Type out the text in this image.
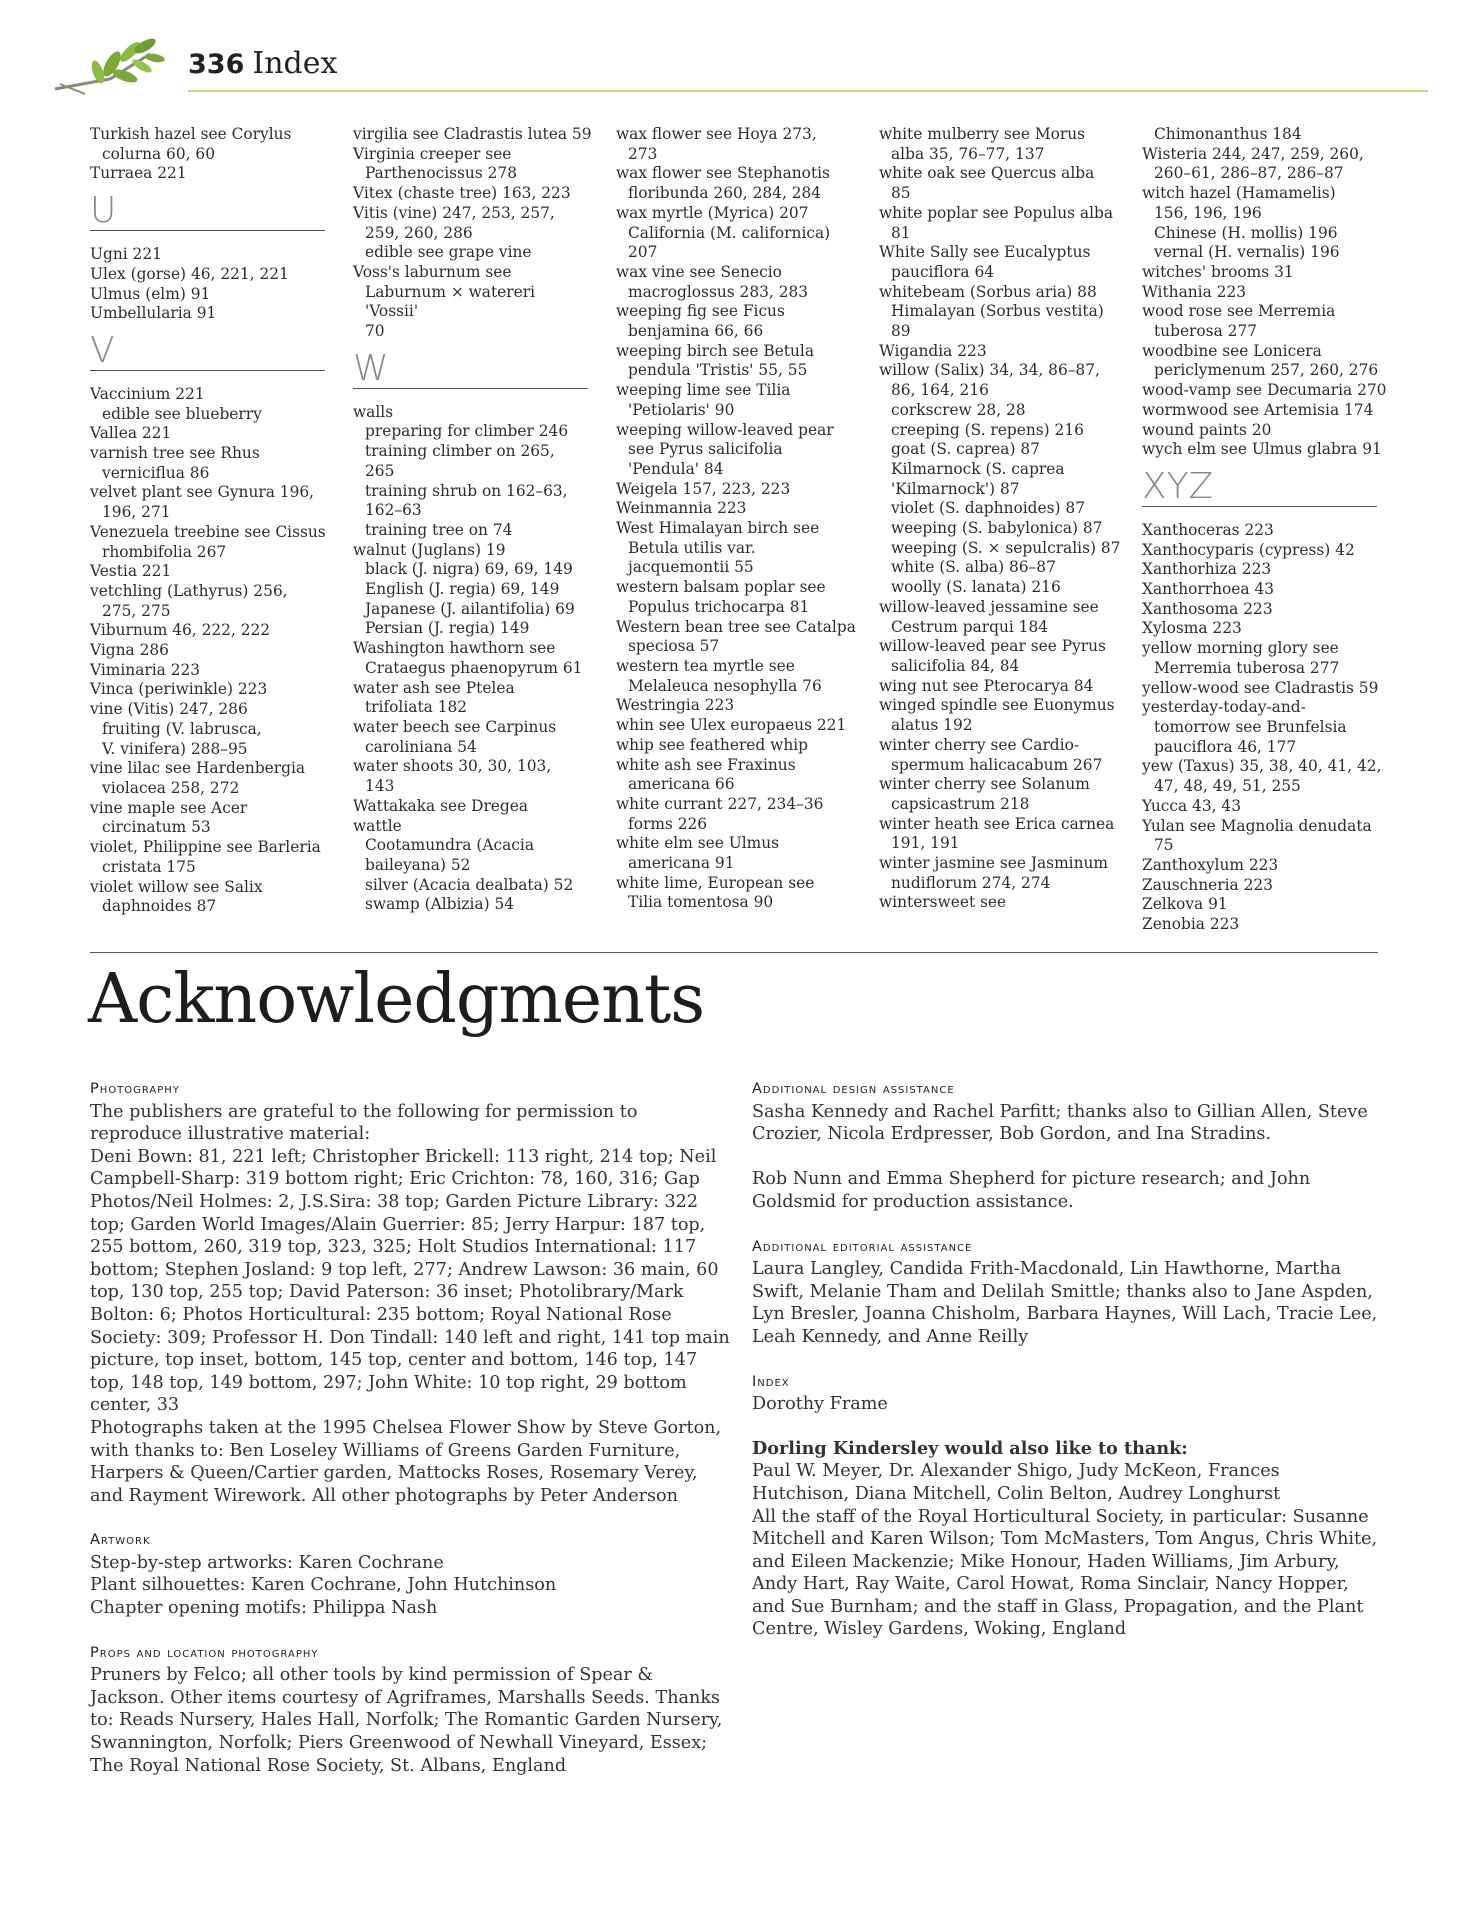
336 Index
Turkish hazel see Corylus
colurna 60, 60
Turraea 221
U
Ugni 221
Ulex (gorse) 46, 221, 221
Ulmus (elm) 91
Umbellularia 91
V
Vaccinium 221
edible see blueberry
Vallea 221
varnish tree see Rhus
verniciflua 86
velvet plant see Gynura 196,
196, 271
Venezuela treebine see Cissus
rhombifolia 267
Vestia 221
vetchling (Lathyrus) 256,
275, 275
Viburnum 46, 222, 222
Vigna 286
Viminaria 223
Vinca (periwinkle) 223
vine (Vitis) 247, 286
fruiting (V. labrusca,
V. vinifera) 288–95
vine lilac see Hardenbergia
violacea 258, 272
vine maple see Acer
circinatum 53
violet, Philippine see Barleria
cristata 175
violet willow see Salix
daphnoides 87
virgilia see Cladrastis lutea 59
Virginia creeper see
Parthenocissus 278
Vitex (chaste tree) 163, 223
Vitis (vine) 247, 253, 257,
259, 260, 286
edible see grape vine
Voss's laburnum see
Laburnum × watereri
'Vossii'
70
W
walls
preparing for climber 246
training climber on 265,
265
training shrub on 162–63,
162–63
training tree on 74
walnut (Juglans) 19
black (J. nigra) 69, 69, 149
English (J. regia) 69, 149
Japanese (J. ailantifolia) 69
Persian (J. regia) 149
Washington hawthorn see
Crataegus phaenopyrum 61
water ash see Ptelea
trifoliata 182
water beech see Carpinus
caroliniana 54
water shoots 30, 30, 103,
143
Wattakaka see Dregea
wattle
Cootamundra (Acacia
baileyana) 52
silver (Acacia dealbata) 52
swamp (Albizia) 54
wax flower see Hoya 273,
273
wax flower see Stephanotis
floribunda 260, 284, 284
wax myrtle (Myrica) 207
California (M. californica)
207
wax vine see Senecio
macroglossus 283, 283
weeping fig see Ficus
benjamina 66, 66
weeping birch see Betula
pendula 'Tristis' 55, 55
weeping lime see Tilia
'Petiolaris' 90
weeping willow-leaved pear
see Pyrus salicifolia
'Pendula' 84
Weigela 157, 223, 223
Weinmannia 223
West Himalayan birch see
Betula utilis var.
jacquemontii 55
western balsam poplar see
Populus trichocarpa 81
Western bean tree see Catalpa
speciosa 57
western tea myrtle see
Melaleuca nesophylla 76
Westringia 223
whin see Ulex europaeus 221
whip see feathered whip
white ash see Fraxinus
americana 66
white currant 227, 234–36
forms 226
white elm see Ulmus
americana 91
white lime, European see
Tilia tomentosa 90
white mulberry see Morus
alba 35, 76–77, 137
white oak see Quercus alba
85
white poplar see Populus alba
81
White Sally see Eucalyptus
pauciflora 64
whitebeam (Sorbus aria) 88
Himalayan (Sorbus vestita)
89
Wigandia 223
willow (Salix) 34, 34, 86–87,
86, 164, 216
corkscrew 28, 28
creeping (S. repens) 216
goat (S. caprea) 87
Kilmarnock (S. caprea
'Kilmarnock') 87
violet (S. daphnoides) 87
weeping (S. babylonica) 87
weeping (S. × sepulcralis) 87
white (S. alba) 86–87
woolly (S. lanata) 216
willow-leaved jessamine see
Cestrum parqui 184
willow-leaved pear see Pyrus
salicifolia 84, 84
wing nut see Pterocarya 84
winged spindle see Euonymus
alatus 192
winter cherry see Cardio-
spermum halicacabum 267
winter cherry see Solanum
capsicastrum 218
winter heath see Erica carnea
191, 191
winter jasmine see Jasminum
nudiflorum 274, 274
wintersweet see
Chimonanthus 184
Wisteria 244, 247, 259, 260,
260–61, 286–87, 286–87
witch hazel (Hamamelis)
156, 196, 196
Chinese (H. mollis) 196
vernal (H. vernalis) 196
witches' brooms 31
Withania 223
wood rose see Merremia
tuberosa 277
woodbine see Lonicera
periclymenum 257, 260, 276
wood-vamp see Decumaria 270
wormwood see Artemisia 174
wound paints 20
wych elm see Ulmus glabra 91
XYZ
Xanthoceras 223
Xanthocyparis (cypress) 42
Xanthorhiza 223
Xanthorrhoea 43
Xanthosoma 223
Xylosma 223
yellow morning glory see
Merremia tuberosa 277
yellow-wood see Cladrastis 59
yesterday-today-and-
tomorrow see Brunfelsia
pauciflora 46, 177
yew (Taxus) 35, 38, 40, 41, 42,
47, 48, 49, 51, 255
Yucca 43, 43
Yulan see Magnolia denudata 75
Zanthoxylum 223
Zauschneria 223
Zelkova 91
Zenobia 223
Acknowledgments

Photography

The publishers are grateful to the following for permission to reproduce illustrative material:
Deni Bown: 81, 221 left; Christopher Brickell: 113 right, 214 top; Neil Campbell-Sharp: 319 bottom right; Eric Crichton: 78, 160, 316; Gap Photos/Neil Holmes: 2, J.S.Sira: 38 top; Garden Picture Library: 322 top; Garden World Images/Alain Guerrier: 85; Jerry Harpur: 187 top, 255 bottom, 260, 319 top, 323, 325; Holt Studios International: 117 bottom; Stephen Josland: 9 top left, 277; Andrew Lawson: 36 main, 60 top, 130 top, 255 top; David Paterson: 36 inset; Photolibrary/Mark Bolton: 6; Photos Horticultural: 235 bottom; Royal National Rose Society: 309; Professor H. Don Tindall: 140 left and right, 141 top main picture, top inset, bottom, 145 top, center and bottom, 146 top, 147 top, 148 top, 149 bottom, 297; John White: 10 top right, 29 bottom center, 33
Photographs taken at the 1995 Chelsea Flower Show by Steve Gorton, with thanks to: Ben Loseley Williams of Greens Garden Furniture, Harpers & Queen/Cartier garden, Mattocks Roses, Rosemary Verey, and Rayment Wirework. All other photographs by Peter Anderson

Artwork

Step-by-step artworks: Karen Cochrane
Plant silhouettes: Karen Cochrane, John Hutchinson
Chapter opening motifs: Philippa Nash

Props and location photography

Pruners by Felco; all other tools by kind permission of Spear & Jackson. Other items courtesy of Agriframes, Marshalls Seeds. Thanks to: Reads Nursery, Hales Hall, Norfolk; The Romantic Garden Nursery, Swannington, Norfolk; Piers Greenwood of Newhall Vineyard, Essex; The Royal National Rose Society, St. Albans, England

Additional design assistance

Sasha Kennedy and Rachel Parfitt; thanks also to Gillian Allen, Steve Crozier, Nicola Erdpresser, Bob Gordon, and Ina Stradins.

Rob Nunn and Emma Shepherd for picture research; and John Goldsmid for production assistance.

Additional editorial assistance

Laura Langley, Candida Frith-Macdonald, Lin Hawthorne, Martha Swift, Melanie Tham and Delilah Smittle; thanks also to Jane Aspden, Lyn Bresler, Joanna Chisholm, Barbara Haynes, Will Lach, Tracie Lee, Leah Kennedy, and Anne Reilly

Index

Dorothy Frame

Dorling Kindersley would also like to thank:

Paul W. Meyer, Dr. Alexander Shigo, Judy McKeon, Frances Hutchison, Diana Mitchell, Colin Belton, Audrey Longhurst
All the staff of the Royal Horticultural Society, in particular: Susanne Mitchell and Karen Wilson; Tom McMasters, Tom Angus, Chris White, and Eileen Mackenzie; Mike Honour, Haden Williams, Jim Arbury, Andy Hart, Ray Waite, Carol Howat, Roma Sinclair, Nancy Hopper, and Sue Burnham; and the staff in Glass, Propagation, and the Plant Centre, Wisley Gardens, Woking, England
